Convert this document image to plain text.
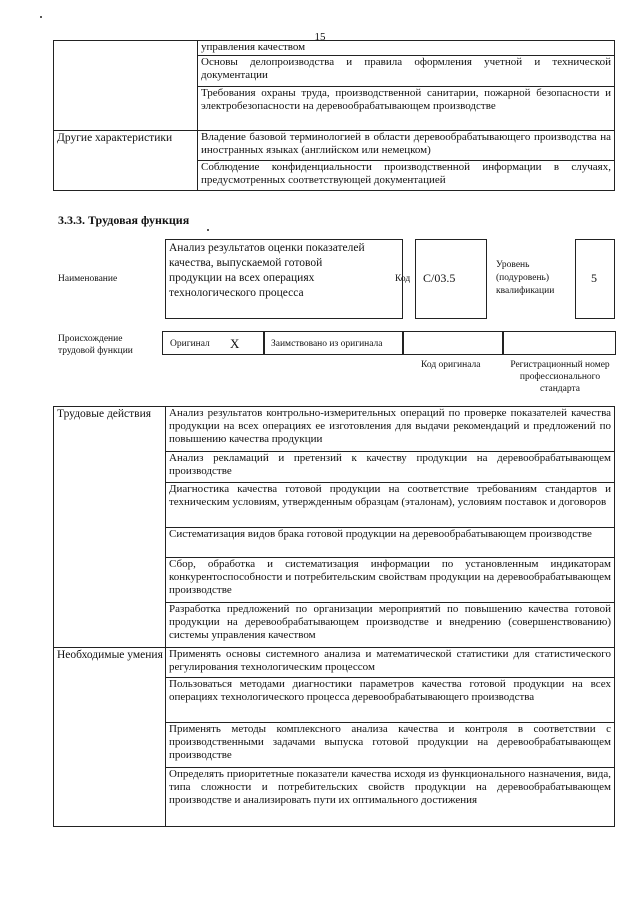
15
	управления качеством
	Основы делопроизводства и правила оформления учетной и технической документации
	Требования охраны труда, производственной санитарии, пожарной безопасности и электробезопасности на деревообрабатывающем производстве
Другие характеристики	Владение базовой терминологией в области деревообрабатывающего производства на иностранных языках (английском или немецком)
	Соблюдение конфиденциальности производственной информации в случаях, предусмотренных соответствующей документацией
3.3.3. Трудовая функция
Наименование
Анализ результатов оценки показателей качества, выпускаемой готовой продукции на всех операциях технологического процесса
Код С/03.5
Уровень (подуровень) квалификации
5
Происхождение трудовой функции
Оригинал X	Заимствовано из оригинала
Код оригинала	Регистрационный номер профессионального стандарта
Трудовые действия	Анализ результатов контрольно-измерительных операций по проверке показателей качества продукции на всех операциях ее изготовления для выдачи рекомендаций и предложений по повышению качества продукции
	Анализ рекламаций и претензий к качеству продукции на деревообрабатывающем производстве
	Диагностика качества готовой продукции на соответствие требованиям стандартов и техническим условиям, утвержденным образцам (эталонам), условиям поставок и договоров
	Систематизация видов брака готовой продукции на деревообрабатывающем производстве
	Сбор, обработка и систематизация информации по установленным индикаторам конкурентоспособности и потребительским свойствам продукции на деревообрабатывающем производстве
	Разработка предложений по организации мероприятий по повышению качества готовой продукции на деревообрабатывающем производстве и внедрению (совершенствованию) системы управления качеством
Необходимые умения	Применять основы системного анализа и математической статистики для статистического регулирования технологическим процессом
	Пользоваться методами диагностики параметров качества готовой продукции на всех операциях технологического процесса деревообрабатывающего производства
	Применять методы комплексного анализа качества и контроля в соответствии с производственными задачами выпуска готовой продукции на деревообрабатывающем производстве
	Определять приоритетные показатели качества исходя из функционального назначения, вида, типа сложности и потребительских свойств продукции на деревообрабатывающем производстве и анализировать пути их оптимального достижения
